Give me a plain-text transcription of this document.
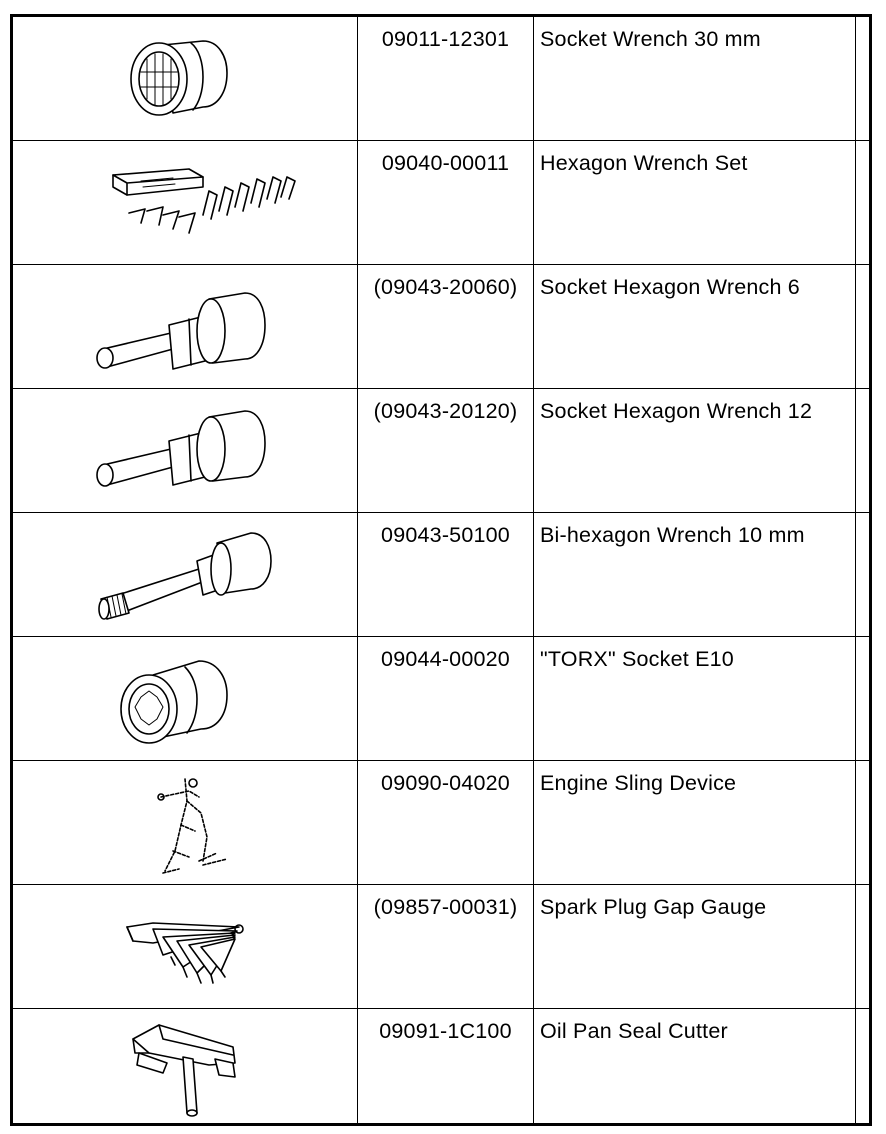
09011-12301	Socket Wrench 30 mm
09040-00011	Hexagon Wrench Set
(09043-20060)	Socket Hexagon Wrench 6
(09043-20120)	Socket Hexagon Wrench 12
09043-50100	Bi-hexagon Wrench 10 mm
09044-00020	"TORX" Socket E10
09090-04020	Engine Sling Device
(09857-00031)	Spark Plug Gap Gauge
09091-1C100	Oil Pan Seal Cutter
